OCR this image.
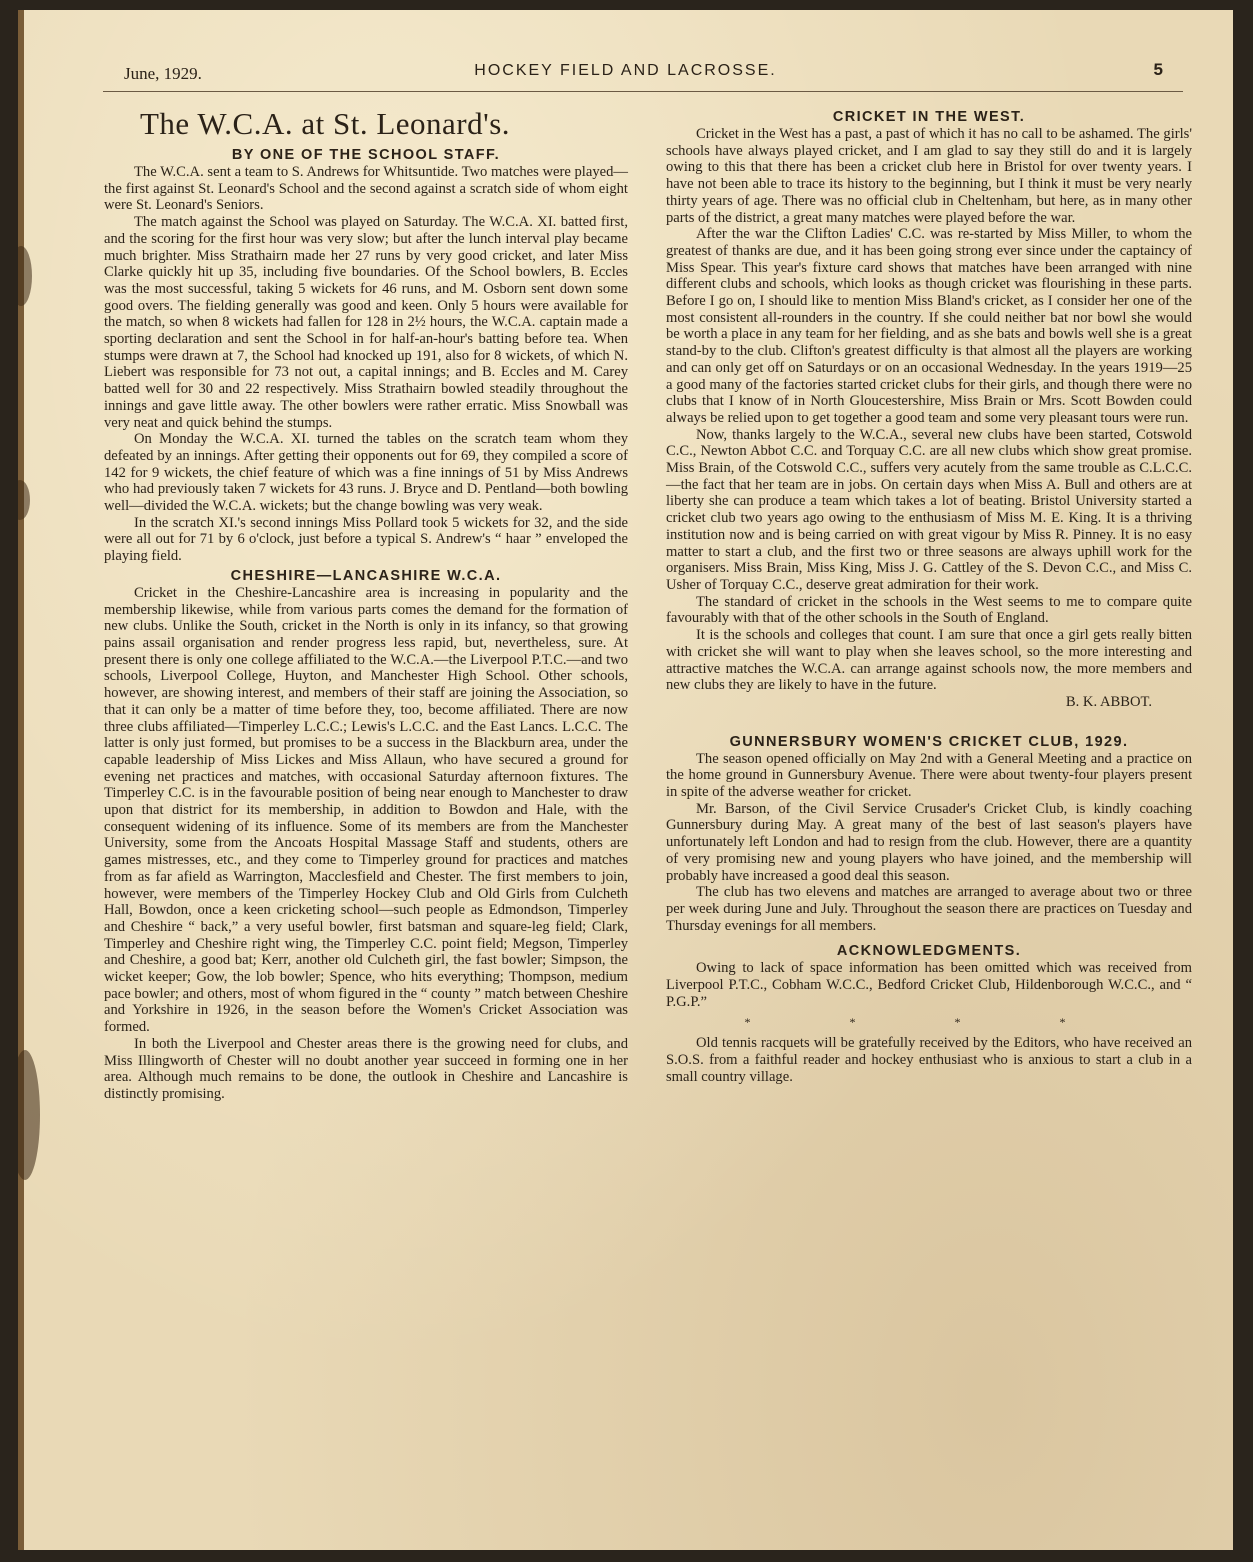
June, 1929.	HOCKEY FIELD AND LACROSSE.	5
The W.C.A. at St. Leonard's.
BY ONE OF THE SCHOOL STAFF.

The W.C.A. sent a team to S. Andrews for Whitsuntide. Two matches were played—the first against St. Leonard's School and the second against a scratch side of whom eight were St. Leonard's Seniors.

The match against the School was played on Saturday. The W.C.A. XI. batted first, and the scoring for the first hour was very slow; but after the lunch interval play became much brighter. Miss Strathairn made her 27 runs by very good cricket, and later Miss Clarke quickly hit up 35, including five boundaries. Of the School bowlers, B. Eccles was the most successful, taking 5 wickets for 46 runs, and M. Osborn sent down some good overs. The fielding generally was good and keen. Only 5 hours were available for the match, so when 8 wickets had fallen for 128 in 2½ hours, the W.C.A. captain made a sporting declaration and sent the School in for half-an-hour's batting before tea. When stumps were drawn at 7, the School had knocked up 191, also for 8 wickets, of which N. Liebert was responsible for 73 not out, a capital innings; and B. Eccles and M. Carey batted well for 30 and 22 respectively. Miss Strathairn bowled steadily throughout the innings and gave little away. The other bowlers were rather erratic. Miss Snowball was very neat and quick behind the stumps.

On Monday the W.C.A. XI. turned the tables on the scratch team whom they defeated by an innings. After getting their opponents out for 69, they compiled a score of 142 for 9 wickets, the chief feature of which was a fine innings of 51 by Miss Andrews who had previously taken 7 wickets for 43 runs. J. Bryce and D. Pentland—both bowling well—divided the W.C.A. wickets; but the change bowling was very weak.

In the scratch XI.'s second innings Miss Pollard took 5 wickets for 32, and the side were all out for 71 by 6 o'clock, just before a typical S. Andrew's “ haar ” enveloped the playing field.

CHESHIRE—LANCASHIRE W.C.A.

Cricket in the Cheshire-Lancashire area is increasing in popularity and the membership likewise, while from various parts comes the demand for the formation of new clubs. Unlike the South, cricket in the North is only in its infancy, so that growing pains assail organisation and render progress less rapid, but, nevertheless, sure. At present there is only one college affiliated to the W.C.A.—the Liverpool P.T.C.—and two schools, Liverpool College, Huyton, and Manchester High School. Other schools, however, are showing interest, and members of their staff are joining the Association, so that it can only be a matter of time before they, too, become affiliated. There are now three clubs affiliated—Timperley L.C.C.; Lewis's L.C.C. and the East Lancs. L.C.C. The latter is only just formed, but promises to be a success in the Blackburn area, under the capable leadership of Miss Lickes and Miss Allaun, who have secured a ground for evening net practices and matches, with occasional Saturday afternoon fixtures. The Timperley C.C. is in the favourable position of being near enough to Manchester to draw upon that district for its membership, in addition to Bowdon and Hale, with the consequent widening of its influence. Some of its members are from the Manchester University, some from the Ancoats Hospital Massage Staff and students, others are games mistresses, etc., and they come to Timperley ground for practices and matches from as far afield as Warrington, Macclesfield and Chester. The first members to join, however, were members of the Timperley Hockey Club and Old Girls from Culcheth Hall, Bowdon, once a keen cricketing school—such people as Edmondson, Timperley and Cheshire “ back,” a very useful bowler, first batsman and square-leg field; Clark, Timperley and Cheshire right wing, the Timperley C.C. point field; Megson, Timperley and Cheshire, a good bat; Kerr, another old Culcheth girl, the fast bowler; Simpson, the wicket keeper; Gow, the lob bowler; Spence, who hits everything; Thompson, medium pace bowler; and others, most of whom figured in the “ county ” match between Cheshire and Yorkshire in 1926, in the season before the Women's Cricket Association was formed.

In both the Liverpool and Chester areas there is the growing need for clubs, and Miss Illingworth of Chester will no doubt another year succeed in forming one in her area. Although much remains to be done, the outlook in Cheshire and Lancashire is distinctly promising.

CRICKET IN THE WEST.

Cricket in the West has a past, a past of which it has no call to be ashamed. The girls' schools have always played cricket, and I am glad to say they still do and it is largely owing to this that there has been a cricket club here in Bristol for over twenty years. I have not been able to trace its history to the beginning, but I think it must be very nearly thirty years of age. There was no official club in Cheltenham, but here, as in many other parts of the district, a great many matches were played before the war.

After the war the Clifton Ladies' C.C. was re-started by Miss Miller, to whom the greatest of thanks are due, and it has been going strong ever since under the captaincy of Miss Spear. This year's fixture card shows that matches have been arranged with nine different clubs and schools, which looks as though cricket was flourishing in these parts. Before I go on, I should like to mention Miss Bland's cricket, as I consider her one of the most consistent all-rounders in the country. If she could neither bat nor bowl she would be worth a place in any team for her fielding, and as she bats and bowls well she is a great stand-by to the club. Clifton's greatest difficulty is that almost all the players are working and can only get off on Saturdays or on an occasional Wednesday. In the years 1919—25 a good many of the factories started cricket clubs for their girls, and though there were no clubs that I know of in North Gloucestershire, Miss Brain or Mrs. Scott Bowden could always be relied upon to get together a good team and some very pleasant tours were run.

Now, thanks largely to the W.C.A., several new clubs have been started, Cotswold C.C., Newton Abbot C.C. and Torquay C.C. are all new clubs which show great promise. Miss Brain, of the Cotswold C.C., suffers very acutely from the same trouble as C.L.C.C.—the fact that her team are in jobs. On certain days when Miss A. Bull and others are at liberty she can produce a team which takes a lot of beating. Bristol University started a cricket club two years ago owing to the enthusiasm of Miss M. E. King. It is a thriving institution now and is being carried on with great vigour by Miss R. Pinney. It is no easy matter to start a club, and the first two or three seasons are always uphill work for the organisers. Miss Brain, Miss King, Miss J. G. Cattley of the S. Devon C.C., and Miss C. Usher of Torquay C.C., deserve great admiration for their work.

The standard of cricket in the schools in the West seems to me to compare quite favourably with that of the other schools in the South of England.

It is the schools and colleges that count. I am sure that once a girl gets really bitten with cricket she will want to play when she leaves school, so the more interesting and attractive matches the W.C.A. can arrange against schools now, the more members and new clubs they are likely to have in the future.

B. K. ABBOT.

GUNNERSBURY WOMEN'S CRICKET CLUB, 1929.

The season opened officially on May 2nd with a General Meeting and a practice on the home ground in Gunnersbury Avenue. There were about twenty-four players present in spite of the adverse weather for cricket.

Mr. Barson, of the Civil Service Crusader's Cricket Club, is kindly coaching Gunnersbury during May. A great many of the best of last season's players have unfortunately left London and had to resign from the club. However, there are a quantity of very promising new and young players who have joined, and the membership will probably have increased a good deal this season.

The club has two elevens and matches are arranged to average about two or three per week during June and July. Throughout the season there are practices on Tuesday and Thursday evenings for all members.

ACKNOWLEDGMENTS.

Owing to lack of space information has been omitted which was received from Liverpool P.T.C., Cobham W.C.C., Bedford Cricket Club, Hildenborough W.C.C., and “ P.G.P.”

* * * *

Old tennis racquets will be gratefully received by the Editors, who have received an S.O.S. from a faithful reader and hockey enthusiast who is anxious to start a club in a small country village.
